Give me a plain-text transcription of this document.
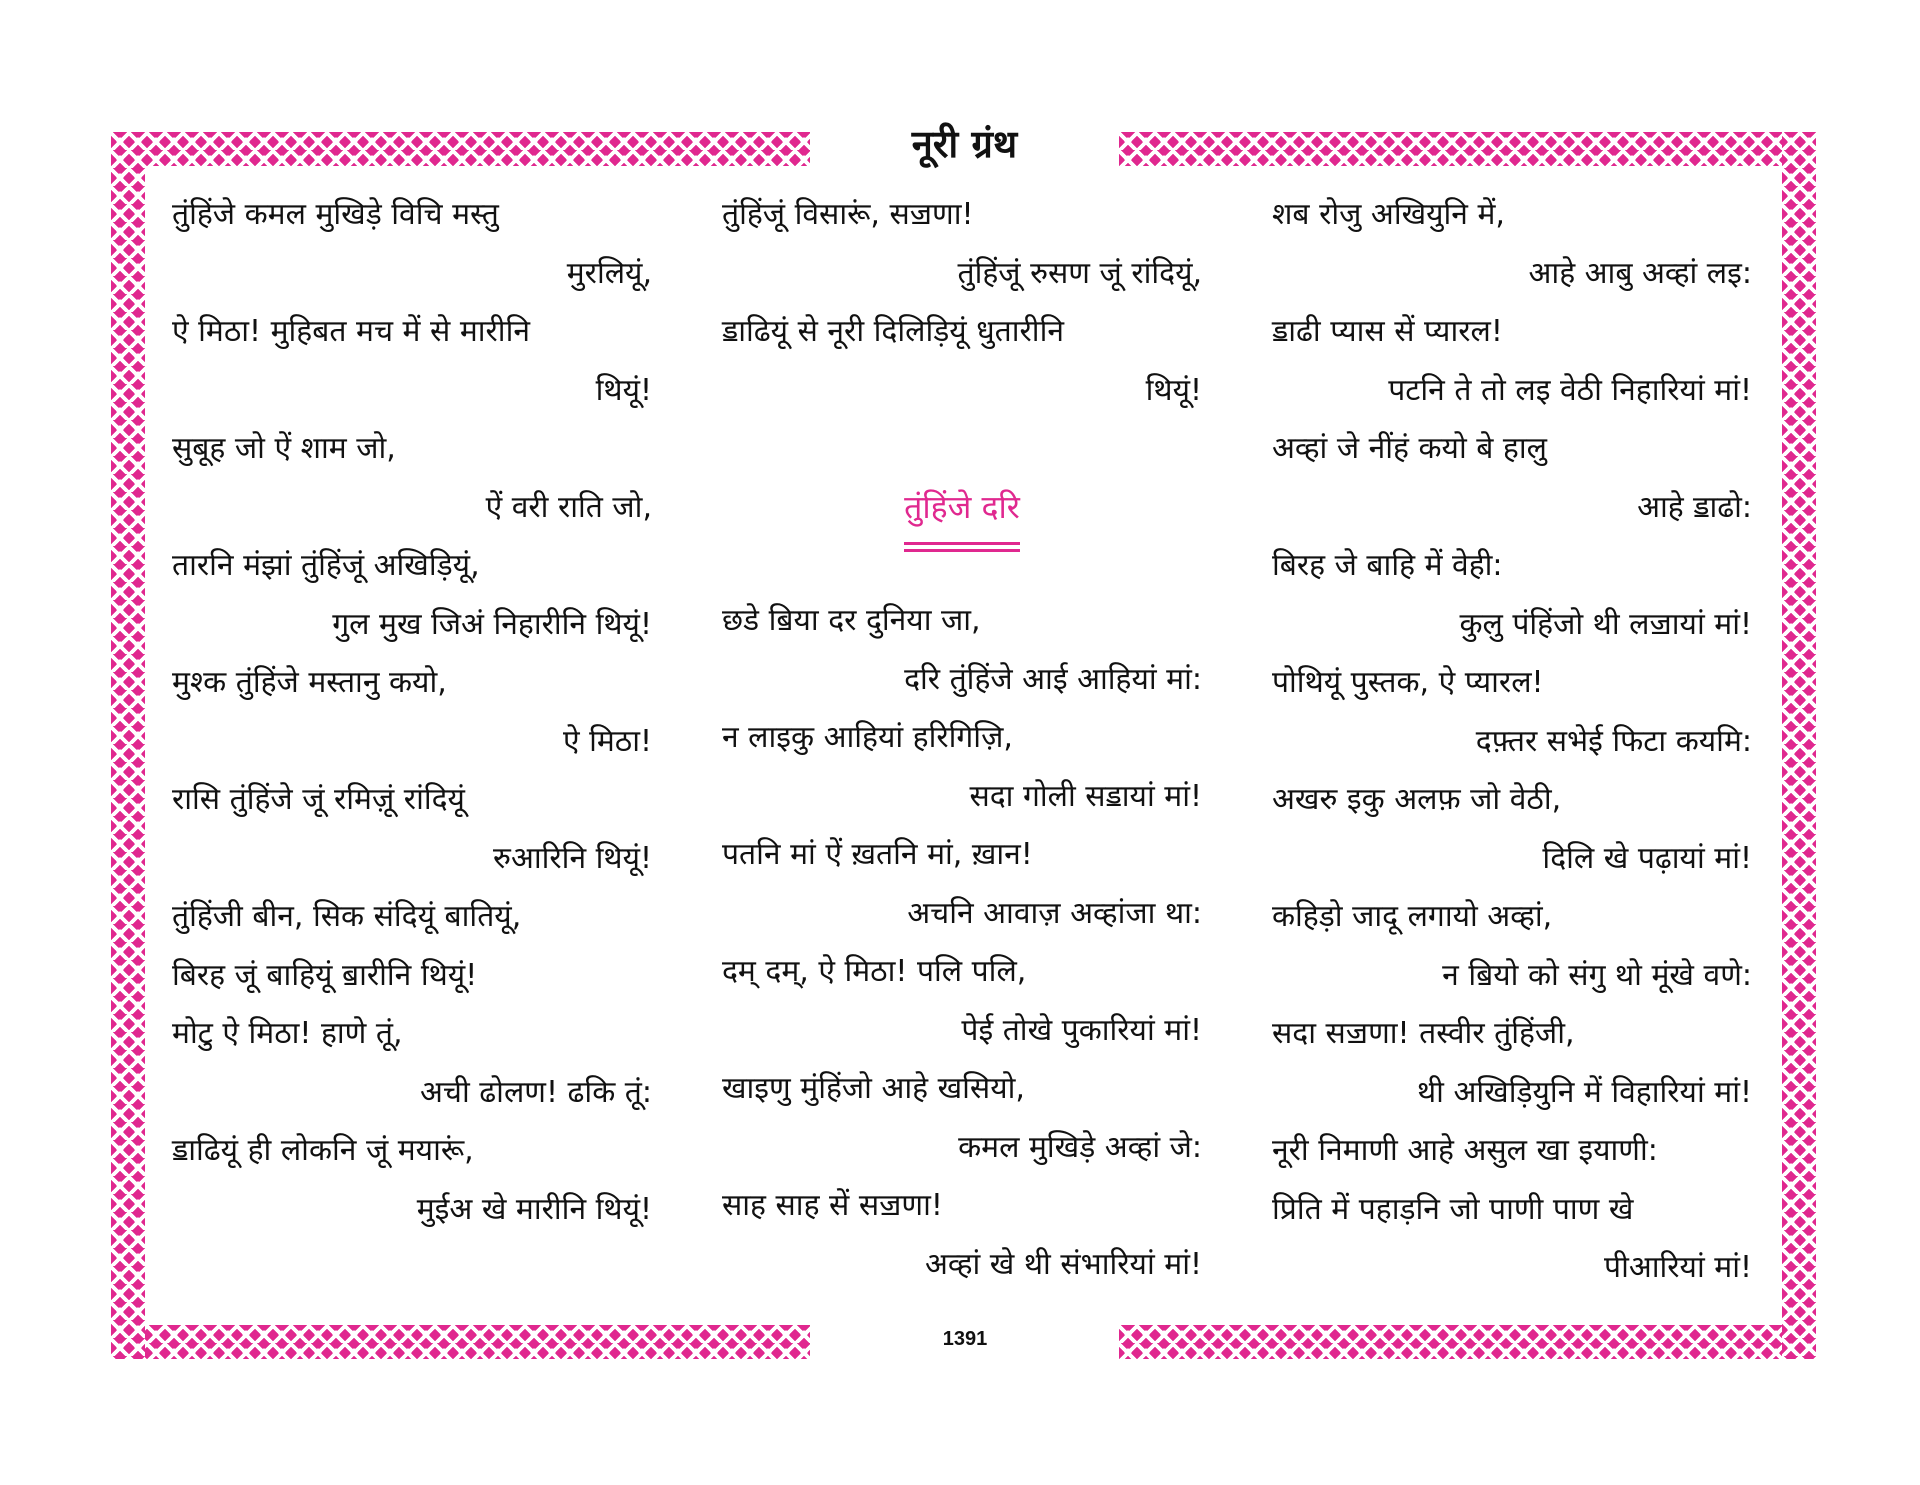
नूरी ग्रंथ
तुंहिंजे कमल मुखिड़े विचि मस्तु
मुरलियूं,
ऐ मिठा! मुहिबत मच में से मारीनि
थियूं!
सुबूह जो ऐं शाम जो,
ऐं वरी राति जो,
तारनि मंझां तुंहिंजूं अखिड़ियूं,
गुल मुख जिअं निहारीनि थियूं!
मुश्क तुंहिंजे मस्तानु कयो,
ऐ मिठा!
रासि तुंहिंजे जूं रमिज़ूं रांदियूं
रुआरिनि थियूं!
तुंहिंजी बीन, सिक संदियूं बातियूं,
बिरह जूं बाहियूं ॿारीनि थियूं!
मोटु ऐ मिठा! हाणे तूं,
अची ढोलण! ढकि तूं:
ॾाढियूं ही लोकनि जूं मयारूं,
मुईअ खे मारीनि थियूं!
तुंहिंजूं विसारूं, सॼणा!
तुंहिंजूं रुसण जूं रांदियूं,
ॾाढियूं से नूरी दिलिड़ियूं धुतारीनि
थियूं!
तुंहिंजे दरि
छडे ॿिया दर दुनिया जा,
दरि तुंहिंजे आई आहियां मां:
न लाइकु आहियां हरिगिज़ि,
सदा गोली सॾायां मां!
पतनि मां ऐं ख़तनि मां, ख़ान!
अचनि आवाज़ अव्हांजा था:
दम् दम्, ऐ मिठा! पलि पलि,
पेई तोखे पुकारियां मां!
खाइणु मुंहिंजो आहे खसियो,
कमल मुखिड़े अव्हां जे:
साह साह सें सॼणा!
अव्हां खे थी संभारियां मां!
शब रोजु अखियुनि में,
आहे आबु अव्हां लइ:
ॾाढी प्यास सें प्यारल!
पटनि ते तो लइ वेठी निहारियां मां!
अव्हां जे नींहं कयो बे हालु
आहे ॾाढो:
बिरह जे बाहि में वेही:
कुलु पंहिंजो थी लॼायां मां!
पोथियूं पुस्तक, ऐ प्यारल!
दफ़्तर सभेई फिटा कयमि:
अखरु इकु अलफ़ जो वेठी,
दिलि खे पढ़ायां मां!
कहिड़ो जादू लगायो अव्हां,
न ॿियो को संगु थो मूंखे वणे:
सदा सॼणा! तस्वीर तुंहिंजी,
थी अखिड़ियुनि में विहारियां मां!
नूरी निमाणी आहे असुल खा इयाणी:
प्रिति में पहाड़नि जो पाणी पाण खे
पीआरियां मां!
1391
